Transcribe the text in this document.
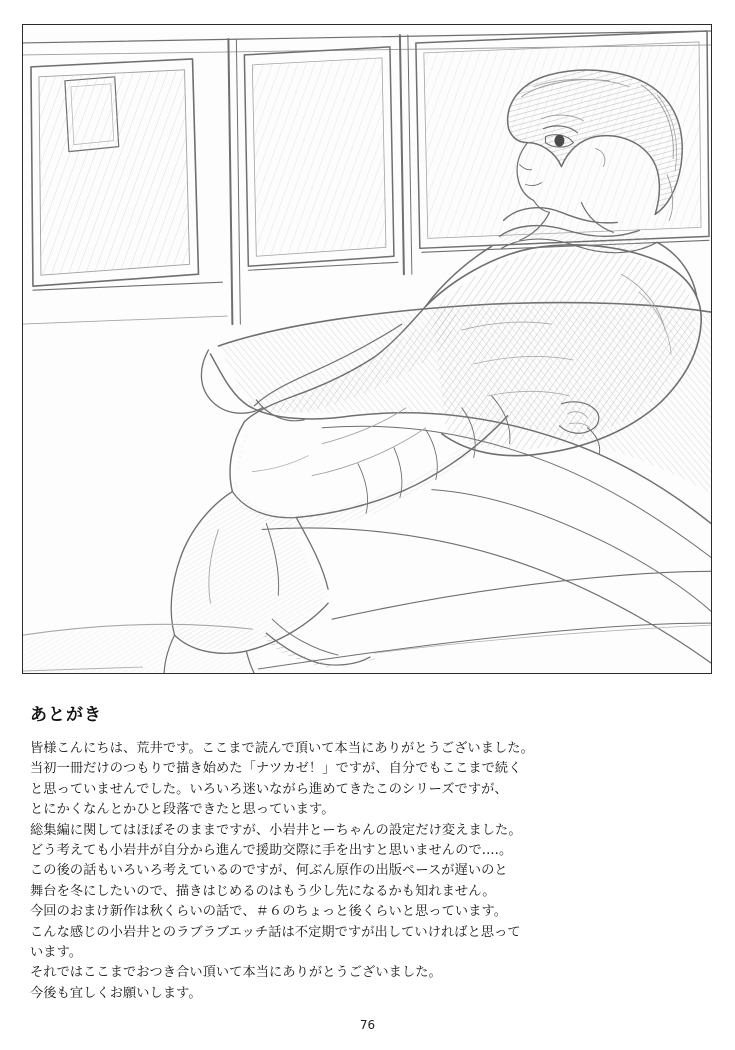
あとがき

皆様こんにちは、荒井です。ここまで読んで頂いて本当にありがとうございました。

当初一冊だけのつもりで描き始めた「ナツカゼ！」ですが、自分でもここまで続く

と思っていませんでした。いろいろ迷いながら進めてきたこのシリーズですが、

とにかくなんとかひと段落できたと思っています。

総集編に関してはほぼそのままですが、小岩井とーちゃんの設定だけ変えました。

どう考えても小岩井が自分から進んで援助交際に手を出すと思いませんので....。

この後の話もいろいろ考えているのですが、何ぶん原作の出版ペースが遅いのと

舞台を冬にしたいので、描きはじめるのはもう少し先になるかも知れません。

今回のおまけ新作は秋くらいの話で、＃６のちょっと後くらいと思っています。

こんな感じの小岩井とのラブラブエッチ話は不定期ですが出していければと思って

います。

それではここまでおつき合い頂いて本当にありがとうございました。

今後も宜しくお願いします。

76
